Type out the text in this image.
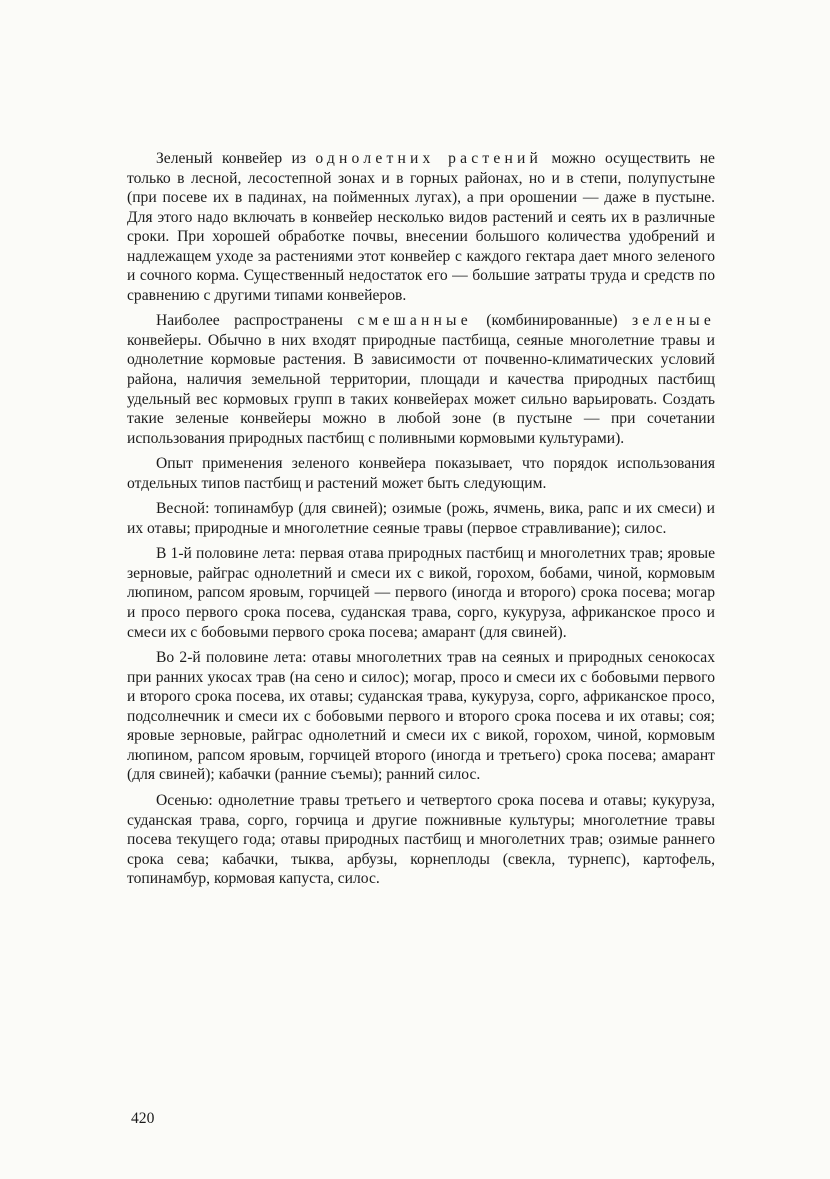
Зеленый конвейер из однолетних растений можно осуществить не только в лесной, лесостепной зонах и в горных районах, но и в степи, полупустыне (при посеве их в падинах, на пойменных лугах), а при орошении — даже в пустыне. Для этого надо включать в конвейер несколько видов растений и сеять их в различные сроки. При хорошей обработке почвы, внесении большого количества удобрений и надлежащем уходе за растениями этот конвейер с каждого гектара дает много зеленого и сочного корма. Существенный недостаток его — большие затраты труда и средств по сравнению с другими типами конвейеров.

Наиболее распространены смешанные (комбинированные) зеленые конвейеры. Обычно в них входят природные пастбища, сеяные многолетние травы и однолетние кормовые растения. В зависимости от почвенно-климатических условий района, наличия земельной территории, площади и качества природных пастбищ удельный вес кормовых групп в таких конвейерах может сильно варьировать. Создать такие зеленые конвейеры можно в любой зоне (в пустыне — при сочетании использования природных пастбищ с поливными кормовыми культурами).

Опыт применения зеленого конвейера показывает, что порядок использования отдельных типов пастбищ и растений может быть следующим.

Весной: топинамбур (для свиней); озимые (рожь, ячмень, вика, рапс и их смеси) и их отавы; природные и многолетние сеяные травы (первое стравливание); силос.

В 1-й половине лета: первая отава природных пастбищ и многолетних трав; яровые зерновые, райграс однолетний и смеси их с викой, горохом, бобами, чиной, кормовым люпином, рапсом яровым, горчицей — первого (иногда и второго) срока посева; могар и просо первого срока посева, суданская трава, сорго, кукуруза, африканское просо и смеси их с бобовыми первого срока посева; амарант (для свиней).

Во 2-й половине лета: отавы многолетних трав на сеяных и природных сенокосах при ранних укосах трав (на сено и силос); могар, просо и смеси их с бобовыми первого и второго срока посева, их отавы; суданская трава, кукуруза, сорго, африканское просо, подсолнечник и смеси их с бобовыми первого и второго срока посева и их отавы; соя; яровые зерновые, райграс однолетний и смеси их с викой, горохом, чиной, кормовым люпином, рапсом яровым, горчицей второго (иногда и третьего) срока посева; амарант (для свиней); кабачки (ранние съемы); ранний силос.

Осенью: однолетние травы третьего и четвертого срока посева и отавы; кукуруза, суданская трава, сорго, горчица и другие пожнивные культуры; многолетние травы посева текущего года; отавы природных пастбищ и многолетних трав; озимые раннего срока сева; кабачки, тыква, арбузы, корнеплоды (свекла, турнепс), картофель, топинамбур, кормовая капуста, силос.

420
